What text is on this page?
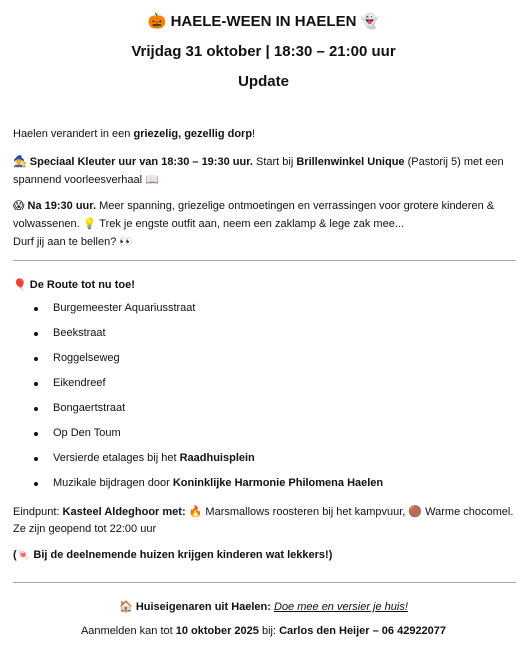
🎃 HAELE-WEEN IN HAELEN 👻
Vrijdag 31 oktober | 18:30 – 21:00 uur
Update
Haelen verandert in een griezelig, gezellig dorp!
🧙 Speciaal Kleuter uur van 18:30 – 19:30 uur. Start bij Brillenwinkel Unique (Pastorij 5) met een spannend voorleesverhaal 📖
😱 Na 19:30 uur. Meer spanning, griezelige ontmoetingen en verrassingen voor grotere kinderen & volwassenen. 💡 Trek je engste outfit aan, neem een zaklamp & lege zak mee...
Durf jij aan te bellen? 👀
🎈 De Route tot nu toe!
Burgemeester Aquariusstraat
Beekstraat
Roggelseweg
Eikendreef
Bongaertstraat
Op Den Toum
Versierde etalages bij het Raadhuisplein
Muzikale bijdragen door Koninklijke Harmonie Philomena Haelen
Eindpunt: Kasteel Aldeghoor met: 🔥 Marsmallows roosteren bij het kampvuur, 🟤 Warme chocomel. Ze zijn geopend tot 22:00 uur
(🍬 Bij de deelnemende huizen krijgen kinderen wat lekkers!)
🏠 Huiseigenaren uit Haelen: Doe mee en versier je huis!
Aanmelden kan tot 10 oktober 2025 bij: Carlos den Heijer – 06 42922077
